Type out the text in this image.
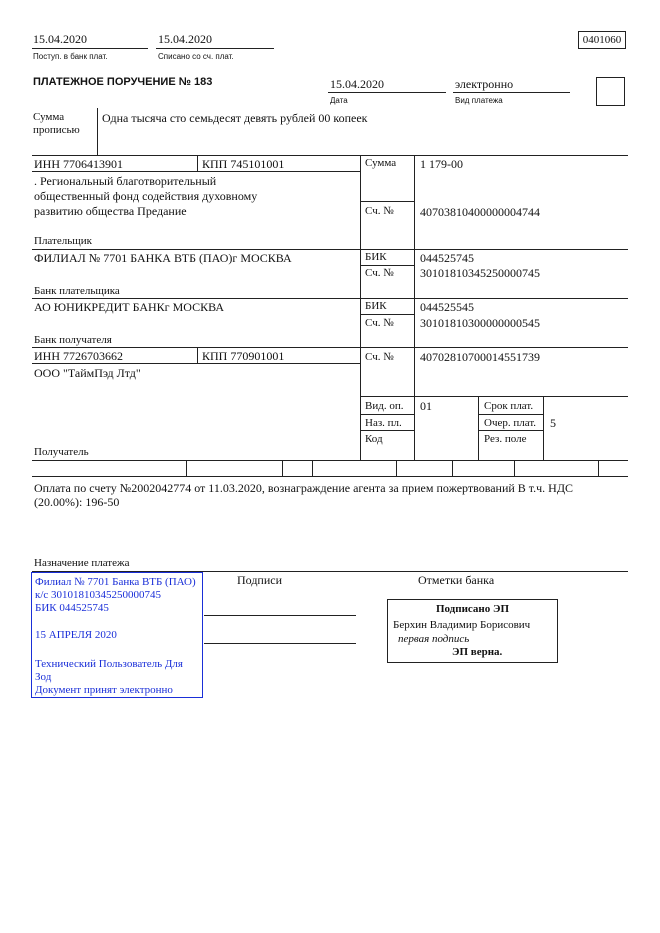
15.04.2020
Поступ. в банк плат.
15.04.2020
Списано со сч. плат.
0401060
ПЛАТЕЖНОЕ ПОРУЧЕНИЕ № 183	15.04.2020
Дата
электронно
Вид платежа
Сумма
прописью
Одна тысяча сто семьдесят девять рублей 00 копеек
ИНН 7706413901	КПП 745101001	Сумма 1 179-00
. Региональный благотворительный
общественный фонд содействия духовному
развитию общества Предание
Плательщик
Сч. № 40703810400000004744
ФИЛИАЛ № 7701 БАНКА ВТБ (ПАО)г МОСКВА
Банк плательщика
БИК	044525745
Сч. № 30101810345250000745
АО ЮНИКРЕДИТ БАНКг МОСКВА
Банк получателя
БИК	044525545
Сч. № 30101810300000000545
ИНН 7726703662	КПП 770901001	Сч. № 40702810700014551739
ООО "ТаймПэд Лтд"
Получатель
Вид. оп. 01
Наз. пл.
Код
Срок плат.
Очер. плат. 5
Рез. поле
Оплата по счету №2002042774 от 11.03.2020, вознаграждение агента за прием пожертвований В т.ч. НДС
(20.00%): 196-50
Назначение платежа
Подписи	Отметки банка
Филиал № 7701 Банка ВТБ (ПАО)
к/с 30101810345250000745
БИК 044525745
15 АПРЕЛЯ 2020
Технический Пользователь Для
Зод
Документ принят электронно
Подписано ЭП
Берхин Владимир Борисович
первая подпись
ЭП верна.
